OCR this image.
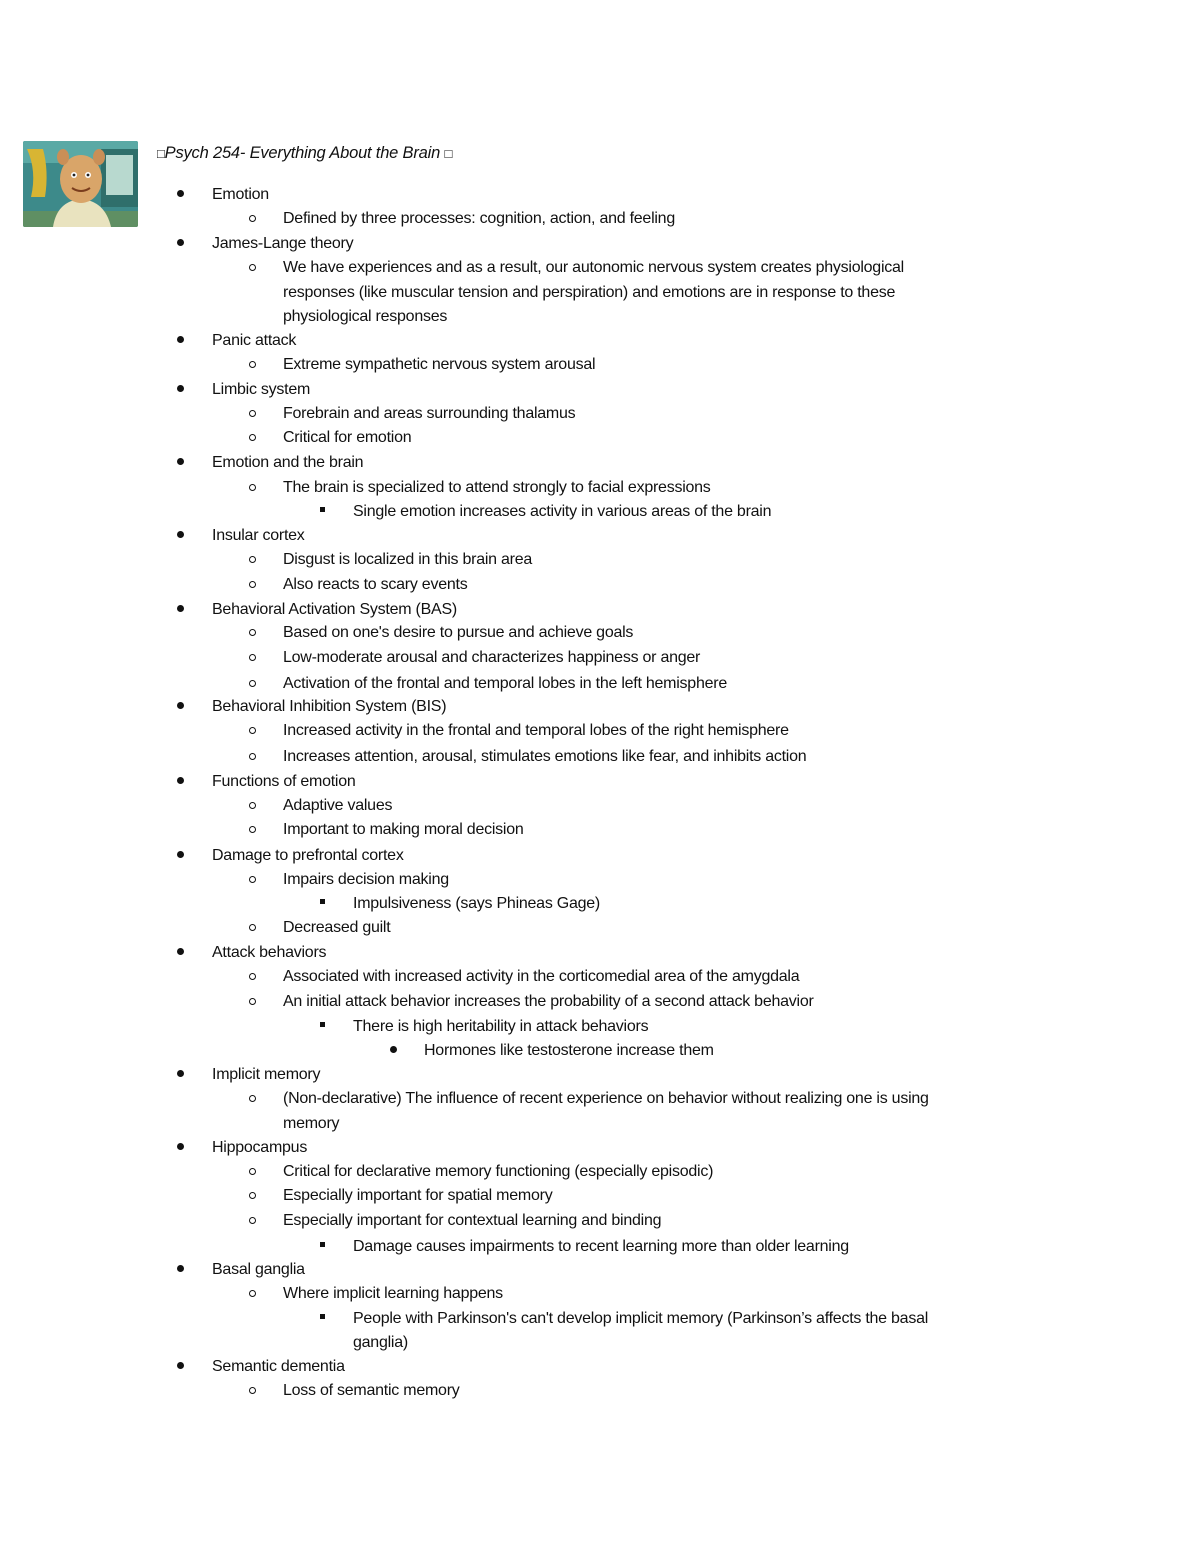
□Psych 254- Everything About the Brain □
Emotion
Defined by three processes: cognition, action, and feeling
James-Lange theory
We have experiences and as a result, our autonomic nervous system creates physiological
responses (like muscular tension and perspiration) and emotions are in response to these
physiological responses
Panic attack
Extreme sympathetic nervous system arousal
Limbic system
Forebrain and areas surrounding thalamus
Critical for emotion
Emotion and the brain
The brain is specialized to attend strongly to facial expressions
Single emotion increases activity in various areas of the brain
Insular cortex
Disgust is localized in this brain area
Also reacts to scary events
Behavioral Activation System (BAS)
Based on one's desire to pursue and achieve goals
Low-moderate arousal and characterizes happiness or anger
Activation of the frontal and temporal lobes in the left hemisphere
Behavioral Inhibition System (BIS)
Increased activity in the frontal and temporal lobes of the right hemisphere
Increases attention, arousal, stimulates emotions like fear, and inhibits action
Functions of emotion
Adaptive values
Important to making moral decision
Damage to prefrontal cortex
Impairs decision making
Impulsiveness (says Phineas Gage)
Decreased guilt
Attack behaviors
Associated with increased activity in the corticomedial area of the amygdala
An initial attack behavior increases the probability of a second attack behavior
There is high heritability in attack behaviors
Hormones like testosterone increase them
Implicit memory
(Non-declarative) The influence of recent experience on behavior without realizing one is using
memory
Hippocampus
Critical for declarative memory functioning (especially episodic)
Especially important for spatial memory
Especially important for contextual learning and binding
Damage causes impairments to recent learning more than older learning
Basal ganglia
Where implicit learning happens
People with Parkinson's can't develop implicit memory (Parkinson’s affects the basal
ganglia)
Semantic dementia
Loss of semantic memory
